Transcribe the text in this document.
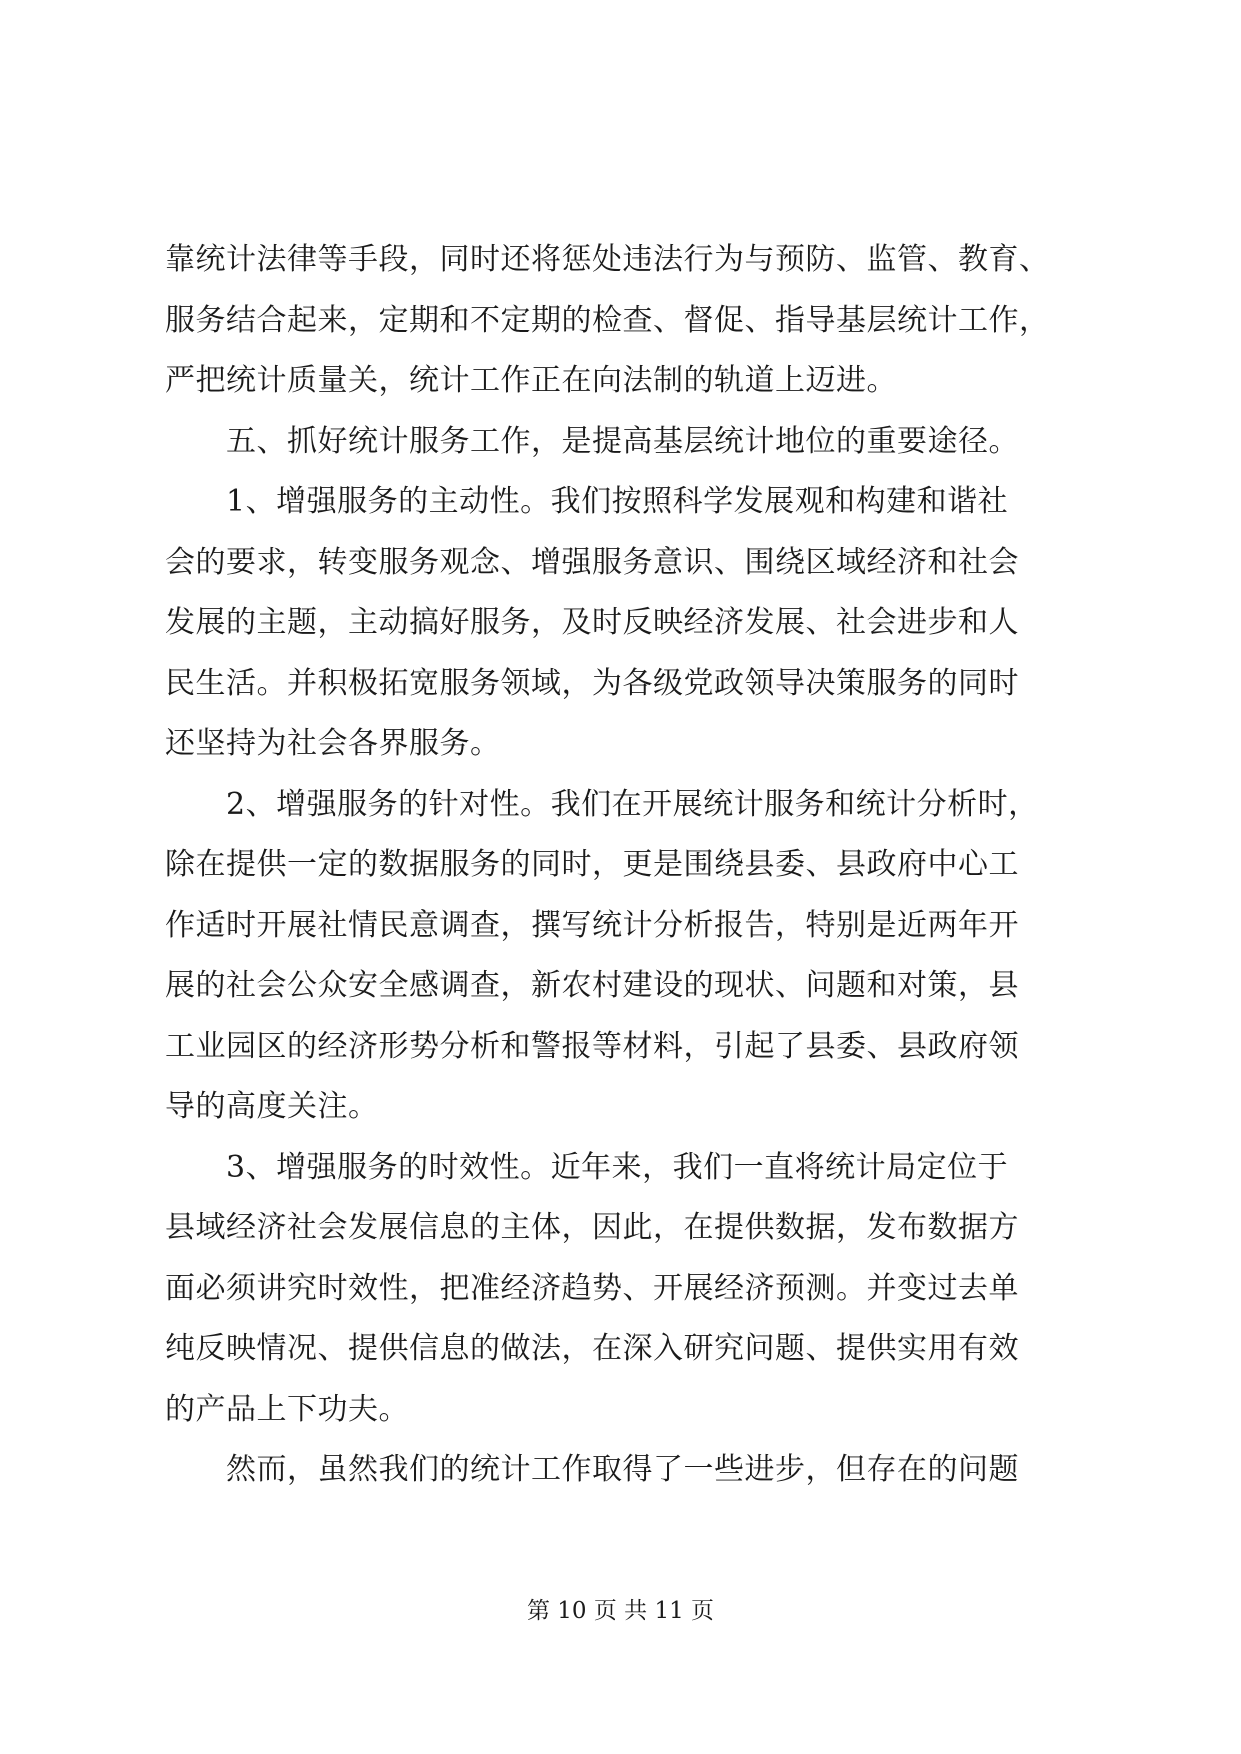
靠统计法律等手段，同时还将惩处违法行为与预防、监管、教育、
服务结合起来，定期和不定期的检查、督促、指导基层统计工作，
严把统计质量关，统计工作正在向法制的轨道上迈进。
　　五、抓好统计服务工作，是提高基层统计地位的重要途径。
　　1、增强服务的主动性。我们按照科学发展观和构建和谐社
会的要求，转变服务观念、增强服务意识、围绕区域经济和社会
发展的主题，主动搞好服务，及时反映经济发展、社会进步和人
民生活。并积极拓宽服务领域，为各级党政领导决策服务的同时
还坚持为社会各界服务。
　　2、增强服务的针对性。我们在开展统计服务和统计分析时，
除在提供一定的数据服务的同时，更是围绕县委、县政府中心工
作适时开展社情民意调查，撰写统计分析报告，特别是近两年开
展的社会公众安全感调查，新农村建设的现状、问题和对策，县
工业园区的经济形势分析和警报等材料，引起了县委、县政府领
导的高度关注。
　　3、增强服务的时效性。近年来，我们一直将统计局定位于
县域经济社会发展信息的主体，因此，在提供数据，发布数据方
面必须讲究时效性，把准经济趋势、开展经济预测。并变过去单
纯反映情况、提供信息的做法，在深入研究问题、提供实用有效
的产品上下功夫。
　　然而，虽然我们的统计工作取得了一些进步，但存在的问题
第 10 页 共 11 页
